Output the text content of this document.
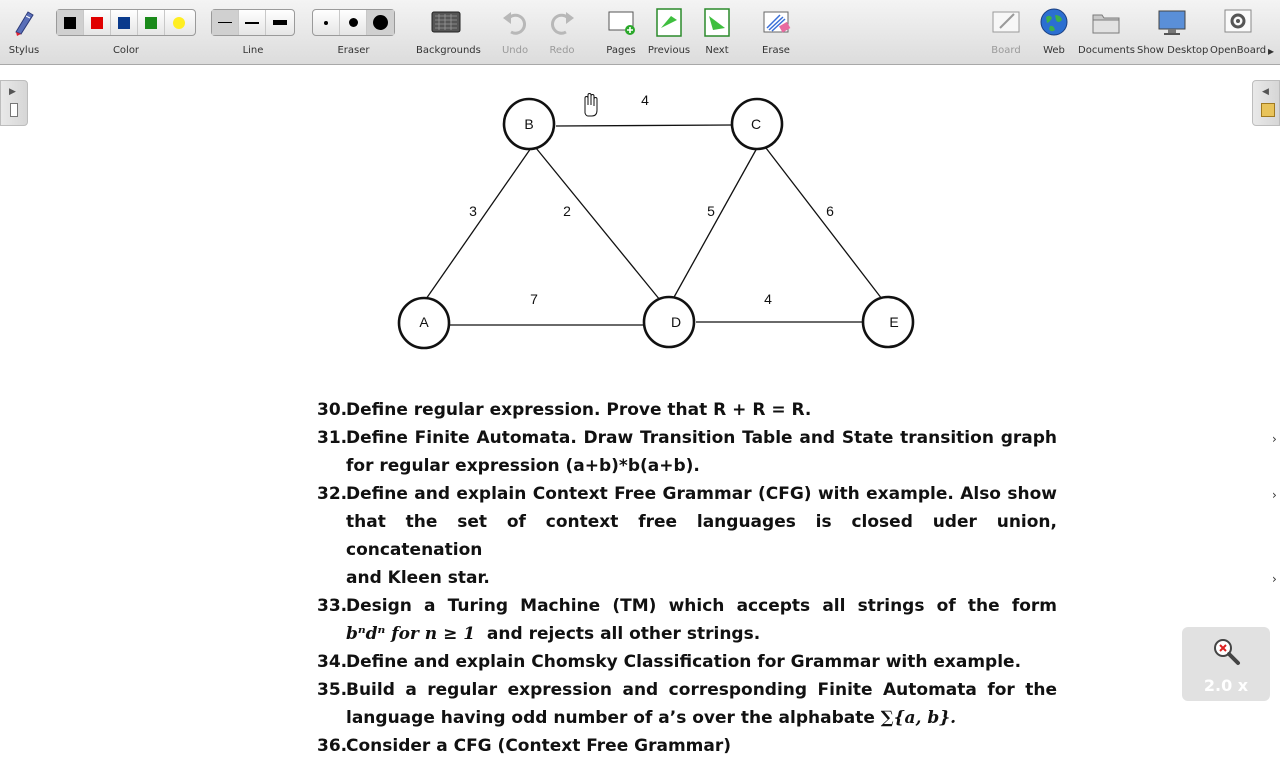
Stylus	Color	Line	Eraser	Backgrounds	Undo	Redo	Pages	Previous	Next	Erase	Board	Web	Documents Show Desktop OpenBoard ▸
▶	◀
B	C
A	D	E
4
3	2	5	6
7	4
30.
Define regular expression. Prove that R + R = R.
31.
Define Finite Automata. Draw Transition Table and State transition graph
for regular expression (a+b)*b(a+b).
32.
Define and explain Context Free Grammar (CFG) with example. Also show that the set of context free languages is closed uder union, concatenation
and Kleen star.
33.
Design a Turing Machine (TM) which accepts all strings of the form
bⁿdⁿ for n ≥ 1 and rejects all other strings.
34.
Define and explain Chomsky Classification for Grammar with example.
35.
Build a regular expression and corresponding Finite Automata for the
language having odd number of a’s over the alphabate ∑{a, b}.
36.
Consider a CFG (Context Free Grammar)
›
›
›
2.0 x
